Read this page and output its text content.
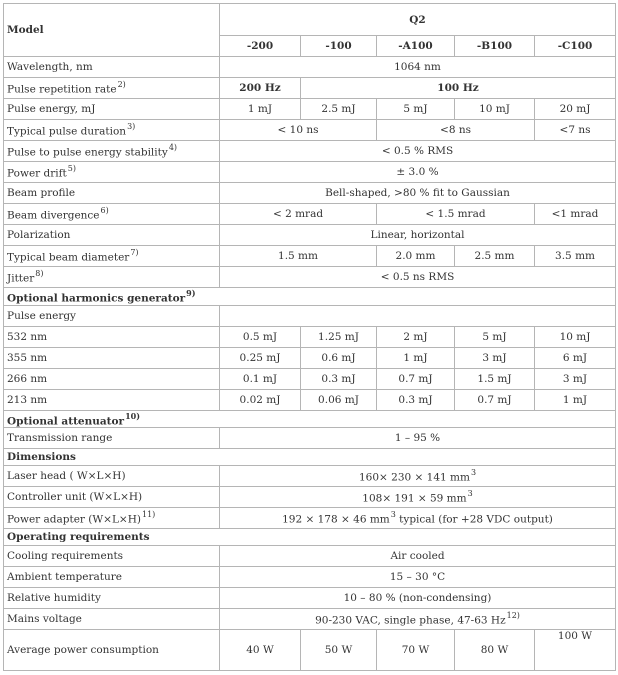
Model	Q2				
	-200	-100	-A100	-B100	-C100
Wavelength, nm	1064 nm				
Pulse repetition rate$^{2)}$	200 Hz	100 Hz			
Pulse energy, mJ	1 mJ	2.5 mJ	5 mJ	10 mJ	20 mJ
Typical pulse duration$^{3)}$	< 10 ns		<8 ns		<7 ns
Pulse to pulse energy stability$^{4)}$	< 0.5 % RMS				
Power drift$^{5)}$	± 3.0 %				
Beam profile	Bell-shaped, >80 % fit to Gaussian				
Beam divergence$^{6)}$	< 2 mrad		< 1.5 mrad		<1 mrad
Polarization	Linear, horizontal				
Typical beam diameter$^{7)}$	1.5 mm		2.0 mm	2.5 mm	3.5 mm
Jitter$^{8)}$	< 0.5 ns RMS				
Optional harmonics generator$^{9)}$
Pulse energy					
532 nm	0.5 mJ	1.25 mJ	2 mJ	5 mJ	10 mJ
355 nm	0.25 mJ	0.6 mJ	1 mJ	3 mJ	6 mJ
266 nm	0.1 mJ	0.3 mJ	0.7 mJ	1.5 mJ	3 mJ
213 nm	0.02 mJ	0.06 mJ	0.3 mJ	0.7 mJ	1 mJ
Optional attenuator$^{10)}$
Transmission range	1 – 95 %				
Dimensions					
Laser head ( W×L×H)	160× 230 × 141 $mm^3$
Controller unit (W×L×H)	108× 191 × 59 $mm^3$
Power adapter $(W\times L\times H)^{11)}$	192 × 178 × 46 $mm^3$ typical (for +28 VDC output)				
Operating requirements					
Cooling requirements	Air cooled				
Ambient temperature	15 – 30 °C				
Relative humidity	10 – 80 % (non-condensing)				
Mains voltage	90-230 VAC, single phase, 47-63 Hz$^{12)}$
Average power consumption	40 W	50 W	70 W	80 W	100 W
